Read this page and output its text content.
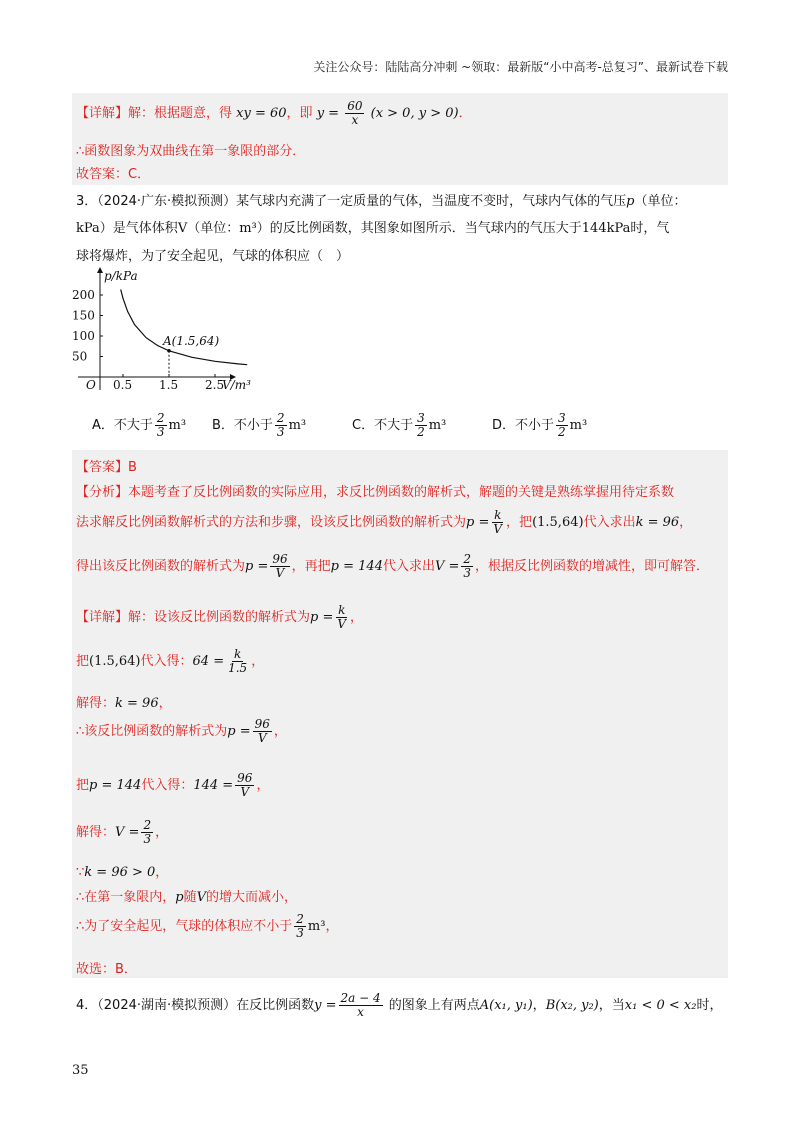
关注公众号：陆陆高分冲刺 ~领取：最新版“小中高考-总复习”、最新试卷下载
【详解】解：根据题意，得 xy = 60，即 $y = \frac{60}{x} (x > 0$, y > 0)．
∴函数图象为双曲线在第一象限的部分．
故答案：C．
3．（2024·广东·模拟预测）某气球内充满了一定质量的气体，当温度不变时，气球内气体的气压p（单位：
kPa）是气体体积V（单位：m³）的反比例函数，其图象如图所示．当气球内的气压大于144kPa时，气
球将爆炸，为了安全起见，气球的体积应（　）
p/kPa
V/m³
O 0.5 1.5 2.5
200
150
100
50
A(1.5,64)
A．不大于 $\frac{2}{3} m^3$ B．不小于 $\frac{2}{3} m^3$	C．不大于 $\frac{3}{2} m^3$	D．不小于 $\frac{3}{2} m^3$
【答案】B
【分析】本题考查了反比例函数的实际应用，求反比例函数的解析式，解题的关键是熟练掌握用待定系数
法求解反比例函数解析式的方法和步骤，设该反比例函数的解析式为$p = \frac{k}{V}$ ，把(1.5,64)代入求出k = 96，
得出该反比例函数的解析式为$p = \frac{96}{V}$ ，再把p = 144代入求出$V = \frac{2}{3}$ ，根据反比例函数的增减性，即可解答．
【详解】解：设该反比例函数的解析式为$p = \frac{k}{V}$ ，
把(1.5,64)代入得：$64 = \frac{k}{1.5}$ ，
解得：k = 96，
∴该反比例函数的解析式为$p = \frac{96}{V}$ ，
把p = 144代入得：$144 = \frac{96}{V}$ ，
解得：$V = \frac{2}{3}$ ，
∵k = 96 > 0，
∴在第一象限内，p随V的增大而减小，
∴为了安全起见，气球的体积应不小于 $\frac{2}{3} m^3$，
故选：B．
4．（2024·湖南·模拟预测）在反比例函数$y = \frac{2a - 4}{x}$ 的图象上有两点A(x₁, y₁)，B(x₂, y₂)，当x₁ < 0 < x₂时，
35
